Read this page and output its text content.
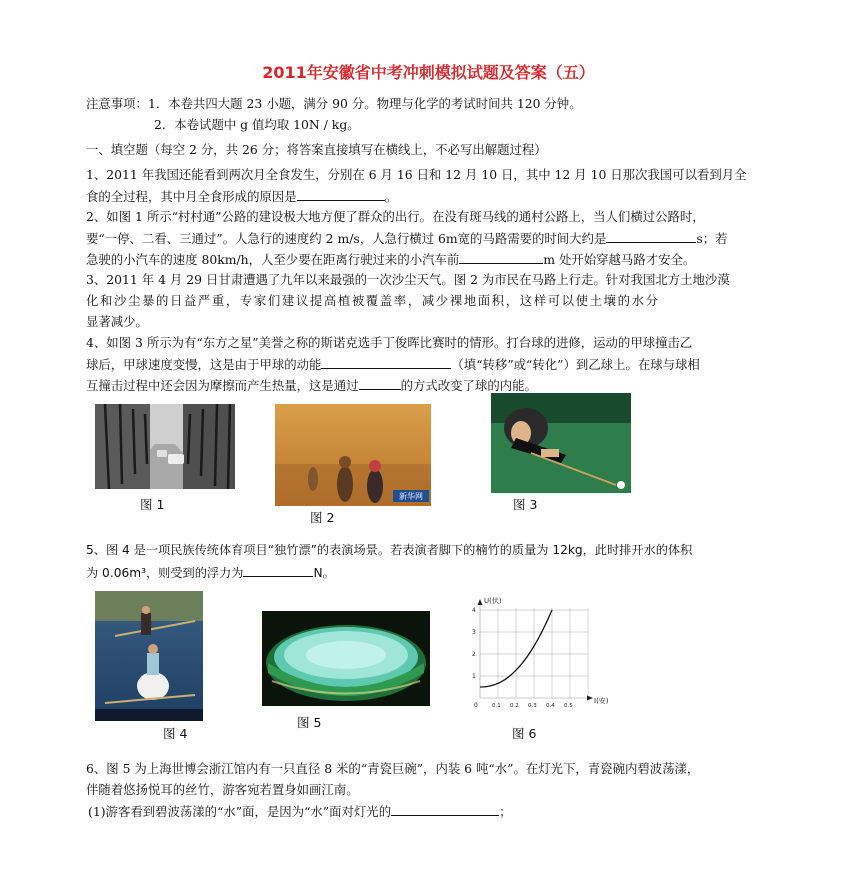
2011年安徽省中考冲刺模拟试题及答案（五）
注意事项：1．本卷共四大题 23 小题，满分 90 分。物理与化学的考试时间共 120 分钟。
2．本卷试题中 g 值均取 10N / kg。
一、填空题（每空 2 分，共 26 分；将答案直接填写在横线上，不必写出解题过程）
1、2011 年我国还能看到两次月全食发生，分别在 6 月 16 日和 12 月 10 日，其中 12 月 10 日那次我国可以看到月全
食的全过程，其中月全食形成的原因是	。
2、如图 1 所示“村村通”公路的建设极大地方便了群众的出行。在没有斑马线的通村公路上，当人们横过公路时，
要“一停、二看、三通过”。人急行的速度约 2 m/s，人急行横过 6m宽的马路需要的时间大约是	s；若
急驶的小汽车的速度 80km/h，人至少要在距离行驶过来的小汽车前	m 处开始穿越马路才安全。
3、2011 年 4 月 29 日甘肃遭遇了九年以来最强的一次沙尘天气。图 2 为市民在马路上行走。针对我国北方土地沙漠
化和沙尘暴的日益严重，专家们建议提高植被覆盖率，减少裸地面积，这样可以使土壤的水分
显著减少。
4、如图 3 所示为有“东方之星”美誉之称的斯诺克选手丁俊晖比赛时的情形。打台球的进修，运动的甲球撞击乙
球后，甲球速度变慢，这是由于甲球的动能	（填“转移”或“转化”）到乙球上。在球与球相
互撞击过程中还会因为摩擦而产生热量，这是通过	的方式改变了球的内能。
图 1
新华网
图 2
图 3
5、图 4 是一项民族传统体育项目“独竹漂”的表演场景。若表演者脚下的楠竹的质量为 12kg，此时排开水的体积
为 0.06m³，则受到的浮力为	N。
图 4
图 5
U(伏)
I(安)
0
1
2
3
4
0.1 0.2 0.3 0.4 0.5
图 6
6、图 5 为上海世博会浙江馆内有一只直径 8 米的“青瓷巨碗”，内装 6 吨“水”。在灯光下，青瓷碗内碧波荡漾，
伴随着悠扬悦耳的丝竹，游客宛若置身如画江南。
(1)游客看到碧波荡漾的“水”面，是因为“水”面对灯光的	；
